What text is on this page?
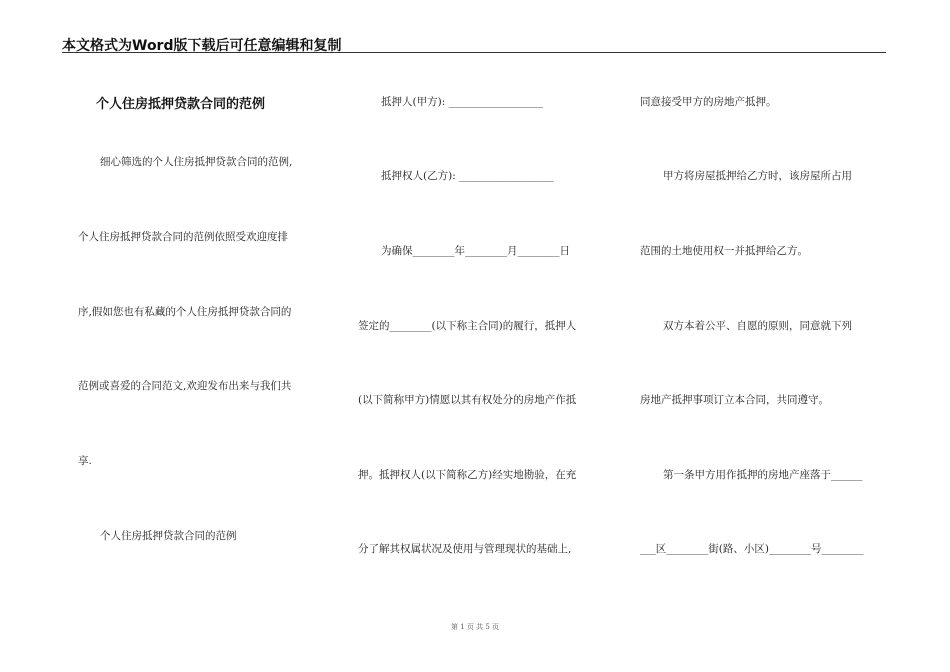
本文格式为Word版下载后可任意编辑和复制
个人住房抵押贷款合同的范例
细心筛选的个人住房抵押贷款合同的范例,
个人住房抵押贷款合同的范例依照受欢迎度排
序,假如您也有私藏的个人住房抵押贷款合同的
范例或喜爱的合同范文,欢迎发布出来与我们共
享.
个人住房抵押贷款合同的范例
抵押人(甲方): __________________
抵押权人(乙方): __________________
为确保________年________月________日
签定的________(以下称主合同)的履行，抵押人
(以下简称甲方)情愿以其有权处分的房地产作抵
押。抵押权人(以下简称乙方)经实地勘验，在充
分了解其权属状况及使用与管理现状的基础上,
同意接受甲方的房地产抵押。
甲方将房屋抵押给乙方时，该房屋所占用
范围的土地使用权一并抵押给乙方。
双方本着公平、自愿的原则，同意就下列
房地产抵押事项订立本合同，共同遵守。
第一条甲方用作抵押的房地产座落于______
___区________街(路、小区)________号________
第 1 页 共 5 页
